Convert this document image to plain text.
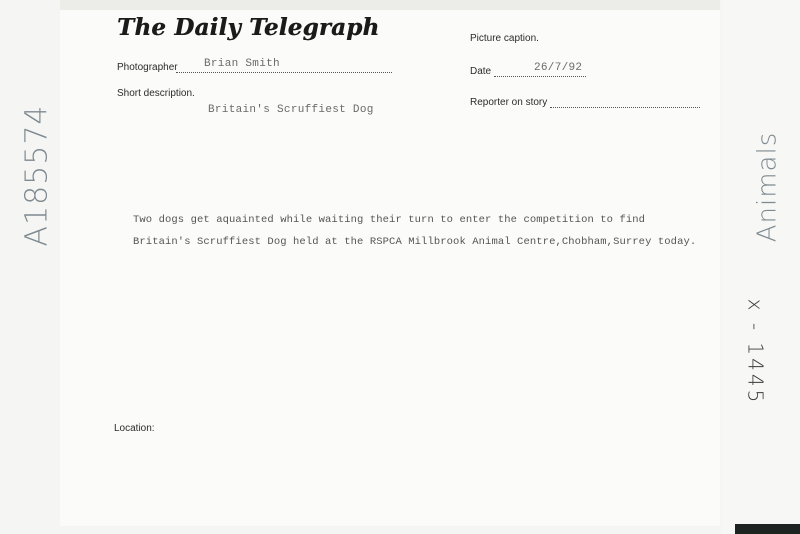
The Daily Telegraph
Photographer Brian Smith
Short description.
Britain's Scruffiest Dog
Picture caption.
Date	26/7/92
Reporter on story
Two dogs get aquainted while waiting their turn to enter the competition to find
Britain's Scruffiest Dog held at the RSPCA Millbrook Animal Centre,Chobham,Surrey today.
Location:
A185574	Animals
x - 1445
